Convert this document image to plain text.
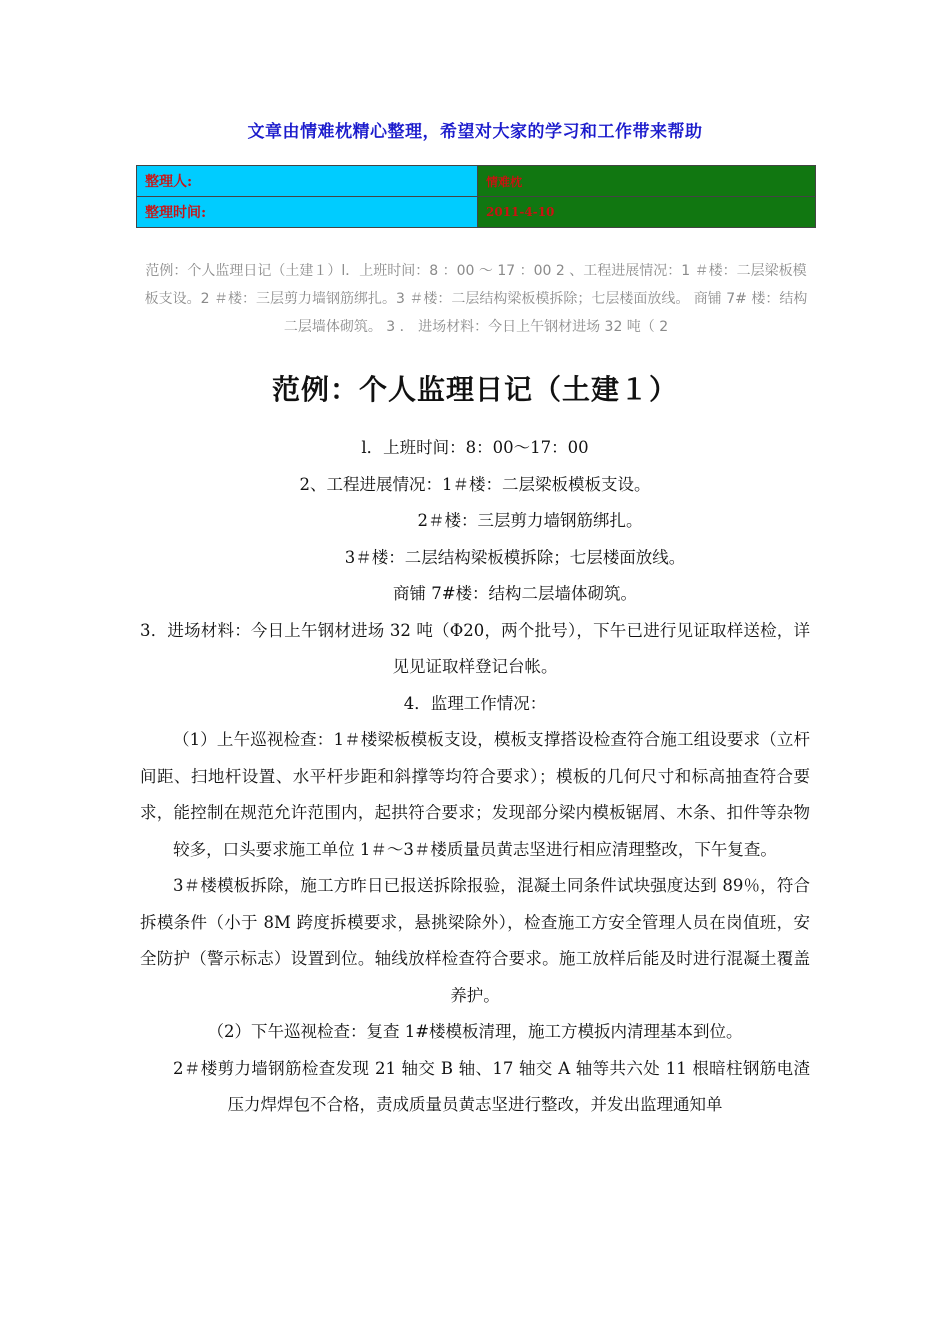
文章由情难枕精心整理，希望对大家的学习和工作带来帮助
整理人:	情难枕
整理时间:	2011-4-10
范例：个人监理日记（土建１）l．上班时间：8 ：00 ～ 17 ：00 2 、工程进展情况：1 ＃楼：二层梁板模板支设。2 ＃楼：三层剪力墙钢筋绑扎。3 ＃楼：二层结构梁板模拆除；七层楼面放线。 商铺 7# 楼：结构二层墙体砌筑。 3 ． 进场材料：今日上午钢材进场 32 吨（ 2
范例：个人监理日记（土建１）

l．上班时间：8：00～17：00

2、工程进展情况：1＃楼：二层梁板模板支设。

2＃楼：三层剪力墙钢筋绑扎。

3＃楼：二层结构梁板模拆除；七层楼面放线。

商铺 7#楼：结构二层墙体砌筑。

3．进场材料：今日上午钢材进场 32 吨（Φ20，两个批号），下午已进行见证取样送检，详见见证取样登记台帐。

4．监理工作情况：

（1）上午巡视检查：1＃楼梁板模板支设，模板支撑搭设检查符合施工组设要求（立杆间距、扫地杆设置、水平杆步距和斜撑等均符合要求）；模板的几何尺寸和标高抽查符合要求，能控制在规范允许范围内，起拱符合要求；发现部分梁内模板锯屑、木条、扣件等杂物较多，口头要求施工单位 1＃～3＃楼质量员黄志坚进行相应清理整改，下午复查。

3＃楼模板拆除，施工方昨日已报送拆除报验，混凝土同条件试块强度达到 89％，符合拆模条件（小于 8M 跨度拆模要求，悬挑梁除外），检查施工方安全管理人员在岗值班，安全防护（警示标志）设置到位。轴线放样检查符合要求。施工放样后能及时进行混凝土覆盖养护。

（2）下午巡视检查：复查 1#楼模板清理，施工方模扳内清理基本到位。

2＃楼剪力墙钢筋检查发现 21 轴交 B 轴、17 轴交 A 轴等共六处 11 根暗柱钢筋电渣压力焊焊包不合格，责成质量员黄志坚进行整改，并发出监理通知单
